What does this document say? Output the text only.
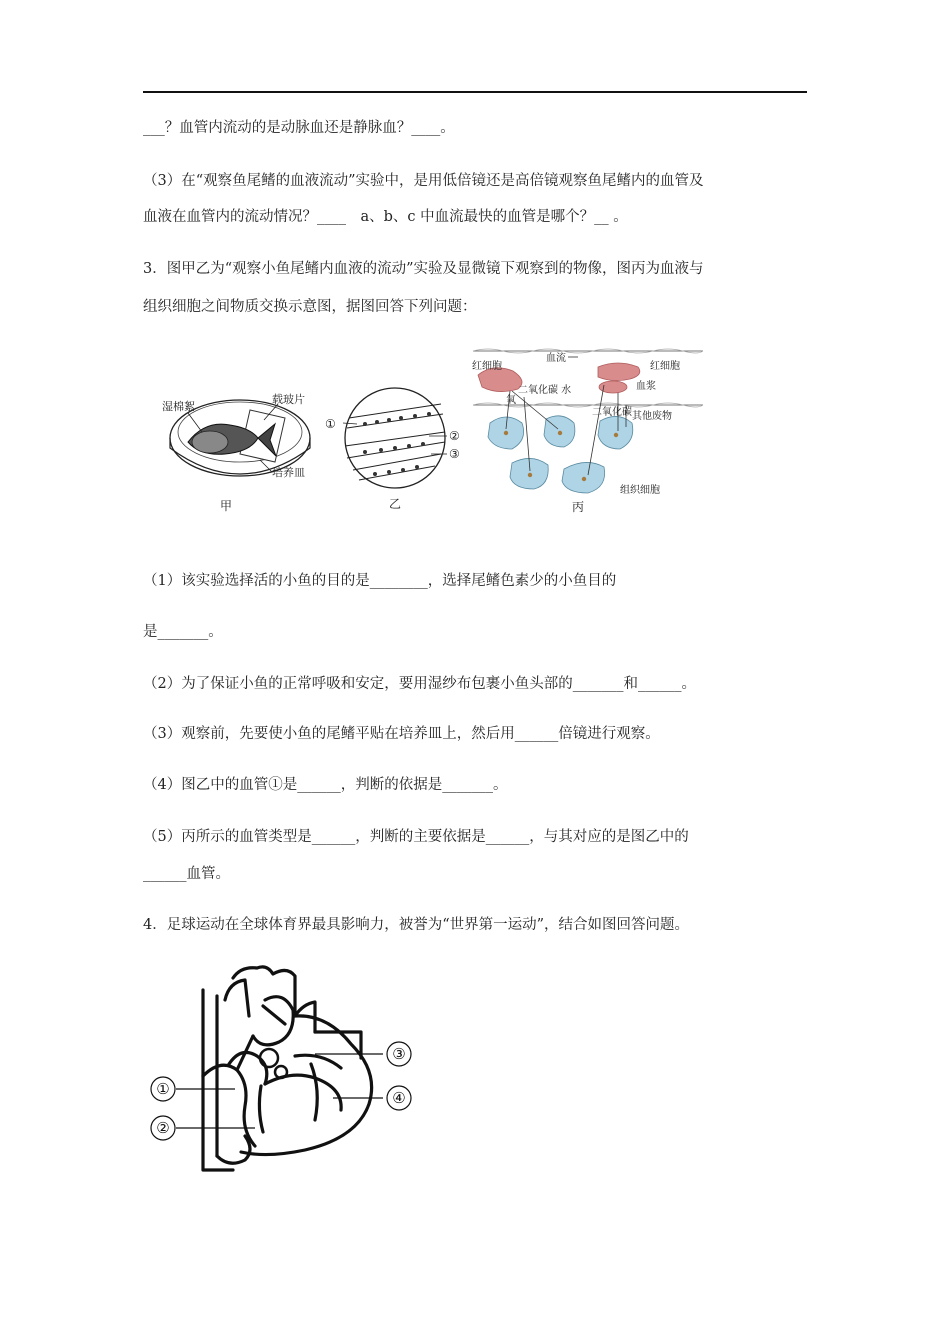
___？血管内流动的是动脉血还是静脉血？____。
（3）在“观察鱼尾鳍的血液流动”实验中，是用低倍镜还是高倍镜观察鱼尾鳍内的血管及
血液在血管内的流动情况？____　a、b、c 中血流最快的血管是哪个？__ 。
3．图甲乙为“观察小鱼尾鳍内血液的流动”实验及显微镜下观察到的物像，图丙为血液与
组织细胞之间物质交换示意图，据图回答下列问题：
湿棉絮
载玻片
培养皿
甲
①
②
③
乙
红细胞
血流
红细胞
血浆
氧
二氧化碳 水
二氧化碳 其他废物
组织细胞
丙
（1）该实验选择活的小鱼的目的是________，选择尾鳍色素少的小鱼目的
是_______。
（2）为了保证小鱼的正常呼吸和安定，要用湿纱布包裹小鱼头部的_______和______。
（3）观察前，先要使小鱼的尾鳍平贴在培养皿上，然后用______倍镜进行观察。
（4）图乙中的血管①是______，判断的依据是_______。
（5）丙所示的血管类型是______，判断的主要依据是______，与其对应的是图乙中的
______血管。
4．足球运动在全球体育界最具影响力，被誉为“世界第一运动”，结合如图回答问题。
①
②
③
④
